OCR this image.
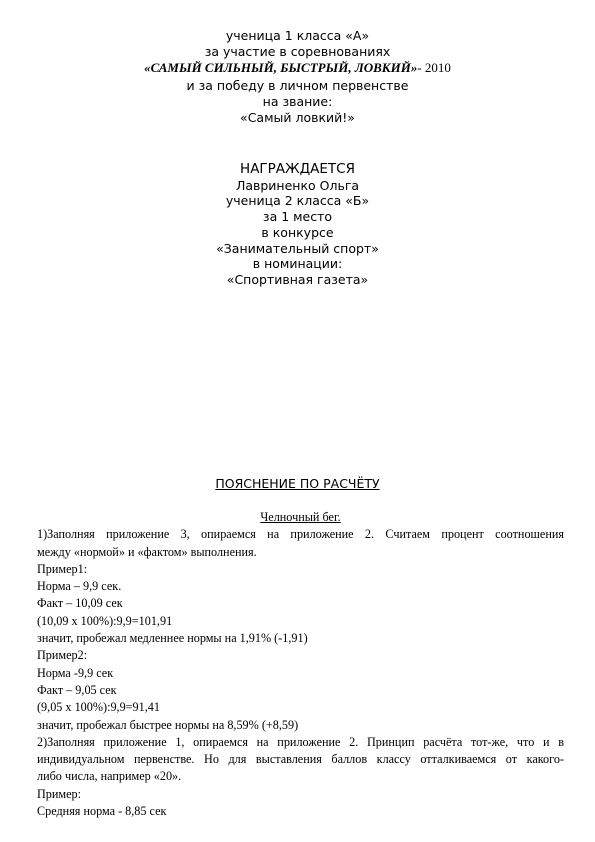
ученица 1 класса «А»
за участие в соревнованиях
«САМЫЙ СИЛЬНЫЙ, БЫСТРЫЙ, ЛОВКИЙ»- 2010
и за победу в личном первенстве
на звание:
«Самый ловкий!»
НАГРАЖДАЕТСЯ
Лавриненко Ольга
ученица 2 класса «Б»
за 1 место
в конкурсе
«Занимательный спорт»
в номинации:
«Спортивная газета»
ПОЯСНЕНИЕ ПО РАСЧЁТУ
Челночный бег.
1)Заполняя приложение 3, опираемся на приложение 2. Считаем процент соотношения
между «нормой» и «фактом» выполнения.
Пример1:
Норма – 9,9 сек.
Факт – 10,09 сек
(10,09 х 100%):9,9=101,91
значит, пробежал медленнее нормы на 1,91% (-1,91)
Пример2:
Норма -9,9 сек
Факт – 9,05 сек
(9,05 х 100%):9,9=91,41
значит, пробежал быстрее нормы на 8,59% (+8,59)
2)Заполняя приложение 1, опираемся на приложение 2. Принцип расчёта тот-же, что и в
индивидуальном первенстве. Но для выставления баллов классу отталкиваемся от какого-
либо числа, например «20».
Пример:
Средняя норма - 8,85 сек
